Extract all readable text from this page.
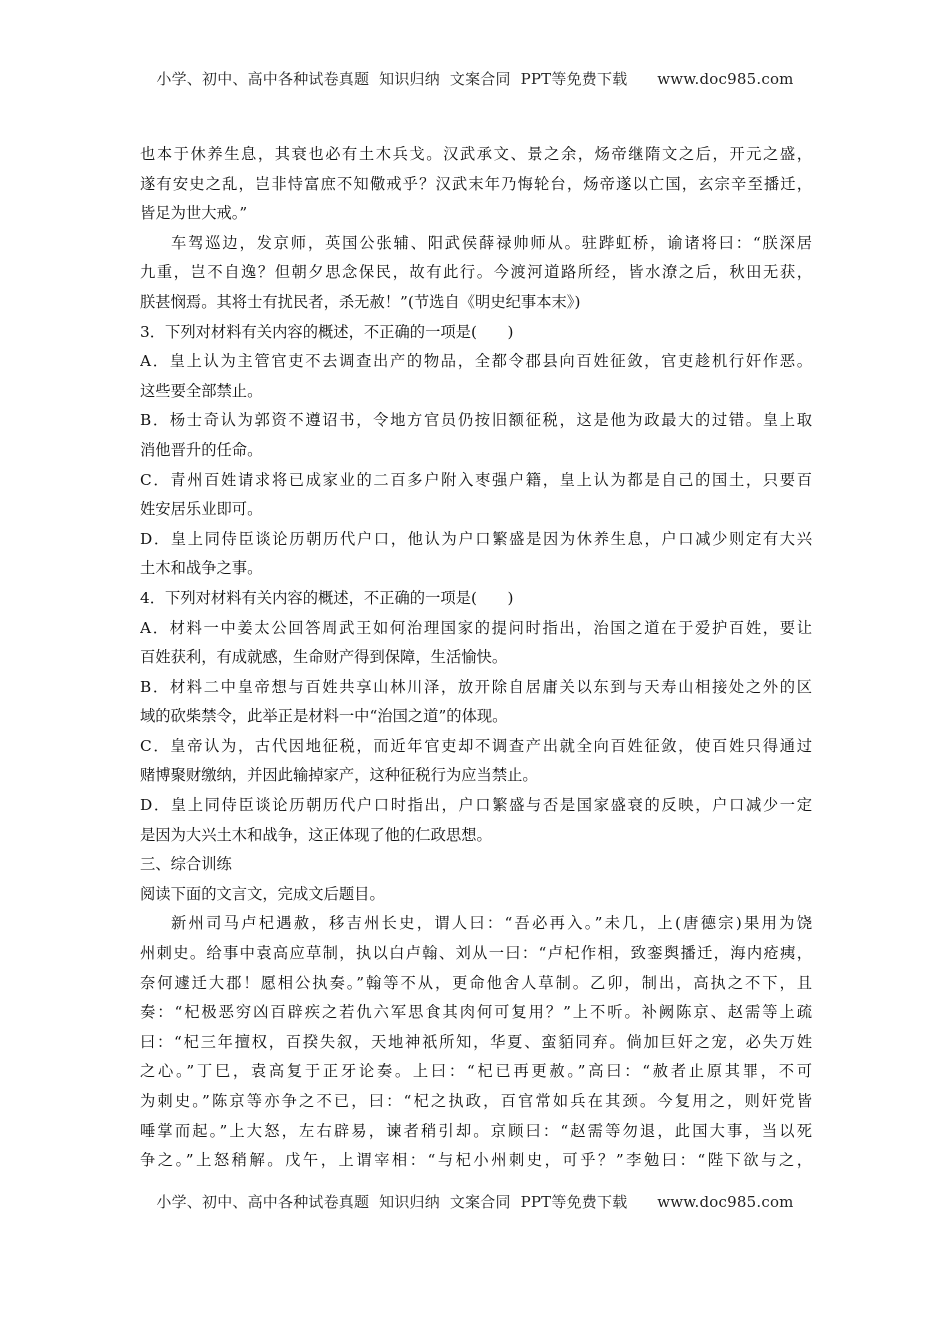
小学、初中、高中各种试卷真题  知识归纳  文案合同  PPT等免费下载      www.doc985.com
也本于休养生息，其衰也必有土木兵戈。汉武承文、景之余，炀帝继隋文之后，开元之盛，
遂有安史之乱，岂非恃富庶不知儆戒乎？汉武末年乃悔轮台，炀帝遂以亡国，玄宗辛至播迁，
皆足为世大戒。”
车驾巡边，发京师，英国公张辅、阳武侯薛禄帅师从。驻跸虹桥，谕诸将曰：“朕深居
九重，岂不自逸？但朝夕思念保民，故有此行。今渡河道路所经，皆水潦之后，秋田无获，
朕甚悯焉。其将士有扰民者，杀无赦！”(节选自《明史纪事本末》)
3．下列对材料有关内容的概述，不正确的一项是(　　)
A．皇上认为主管官吏不去调查出产的物品，全都令郡县向百姓征敛，官吏趁机行奸作恶。
这些要全部禁止。
B．杨士奇认为郭资不遵诏书，令地方官员仍按旧额征税，这是他为政最大的过错。皇上取
消他晋升的任命。
C．青州百姓请求将已成家业的二百多户附入枣强户籍，皇上认为都是自己的国土，只要百
姓安居乐业即可。
D．皇上同侍臣谈论历朝历代户口，他认为户口繁盛是因为休养生息，户口减少则定有大兴
土木和战争之事。
4．下列对材料有关内容的概述，不正确的一项是(　　)
A．材料一中姜太公回答周武王如何治理国家的提问时指出，治国之道在于爱护百姓，要让
百姓获利，有成就感，生命财产得到保障，生活愉快。
B．材料二中皇帝想与百姓共享山林川泽，放开除自居庸关以东到与天寿山相接处之外的区
域的砍柴禁令，此举正是材料一中“治国之道”的体现。
C．皇帝认为，古代因地征税，而近年官吏却不调查产出就全向百姓征敛，使百姓只得通过
赌博聚财缴纳，并因此输掉家产，这种征税行为应当禁止。
D．皇上同侍臣谈论历朝历代户口时指出，户口繁盛与否是国家盛衰的反映，户口减少一定
是因为大兴土木和战争，这正体现了他的仁政思想。
三、综合训练
阅读下面的文言文，完成文后题目。
新州司马卢杞遇赦，移吉州长史，谓人曰：“吾必再入。”未几，上(唐德宗)果用为饶
州刺史。给事中袁高应草制，执以白卢翰、刘从一曰：“卢杞作相，致銮舆播迁，海内疮痍，
奈何遽迁大郡！愿相公执奏。”翰等不从，更命他舍人草制。乙卯，制出，高执之不下，且
奏：“杞极恶穷凶百辟疾之若仇六军思食其肉何可复用？”上不听。补阙陈京、赵需等上疏
曰：“杞三年擅权，百揆失叙，天地神祇所知，华夏、蛮貊同弃。倘加巨奸之宠，必失万姓
之心。”丁巳，袁高复于正牙论奏。上曰：“杞已再更赦。”高曰：“赦者止原其罪，不可
为刺史。”陈京等亦争之不已，曰：“杞之执政，百官常如兵在其颈。今复用之，则奸党皆
唾掌而起。”上大怒，左右辟易，谏者稍引却。京顾曰：“赵需等勿退，此国大事，当以死
争之。”上怒稍解。戊午，上谓宰相：“与杞小州刺史，可乎？”李勉曰：“陛下欲与之，
小学、初中、高中各种试卷真题  知识归纳  文案合同  PPT等免费下载      www.doc985.com
